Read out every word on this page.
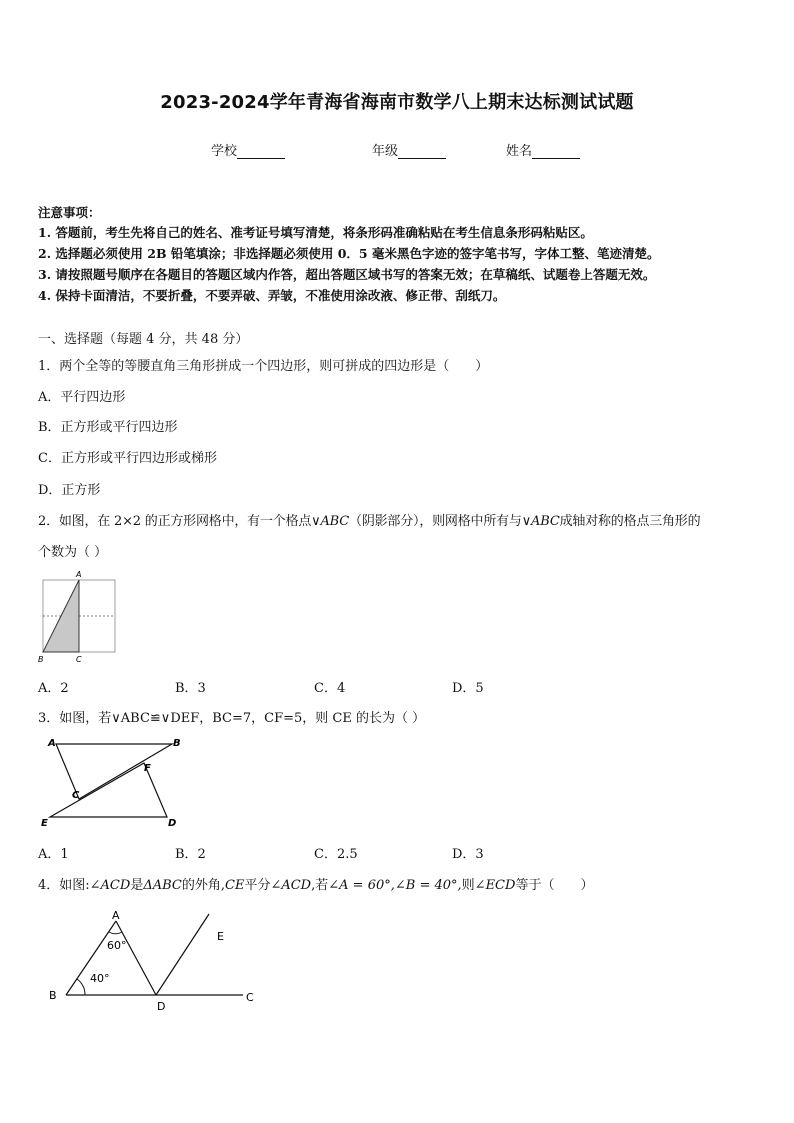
2023-2024学年青海省海南市数学八上期末达标测试试题
学校	年级	姓名
注意事项：
1. 答题前，考生先将自己的姓名、准考证号填写清楚，将条形码准确粘贴在考生信息条形码粘贴区。
2. 选择题必须使用 2B 铅笔填涂；非选择题必须使用 0．5 毫米黑色字迹的签字笔书写，字体工整、笔迹清楚。
3. 请按照题号顺序在各题目的答题区域内作答，超出答题区域书写的答案无效；在草稿纸、试题卷上答题无效。
4. 保持卡面清洁，不要折叠，不要弄破、弄皱，不准使用涂改液、修正带、刮纸刀。
一、选择题（每题 4 分，共 48 分）
1．两个全等的等腰直角三角形拼成一个四边形，则可拼成的四边形是（　　）
A．平行四边形
B．正方形或平行四边形
C．正方形或平行四边形或梯形
D．正方形
2．如图，在 2×2 的正方形网格中，有一个格点∨ABC（阴影部分），则网格中所有与∨ABC成轴对称的格点三角形的
个数为（ ）
A
B	C
A．2	B．3	C．4	D．5
3．如图，若∨ABC≌∨DEF，BC=7，CF=5，则 CE 的长为（ ）
A	B
C
D
E
F
A．1	B．2	C．2.5	D．3
4．如图:∠ACD是ΔABC的外角,CE平分∠ACD,若∠A = 60°,∠B = 40°,则∠ECD等于（　　）
A
B	C
D
E
60°
40°
